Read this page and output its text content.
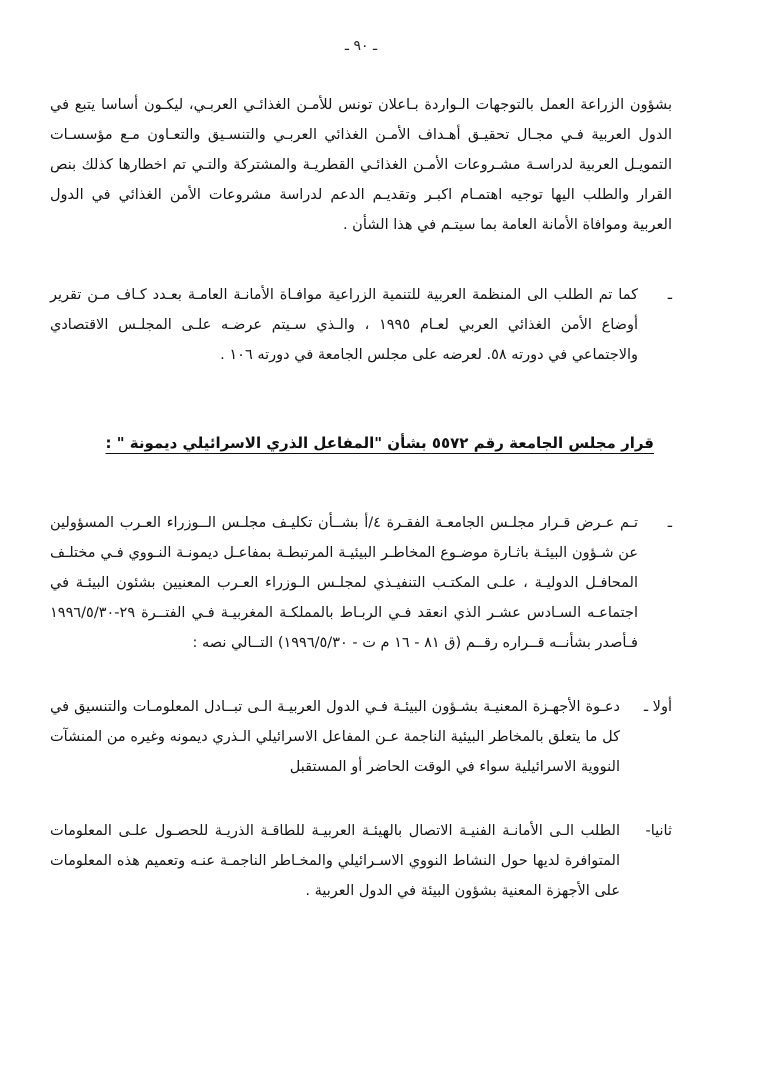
ـ ٩٠ ـ

بشؤون الزراعة العمل بالتوجهات الـواردة بـاعلان تونس للأمـن الغذائـي العربـي، ليكـون أساسا يتبع في الدول العربية فـي مجـال تحقيـق أهـداف الأمـن الغذائي العربـي والتنسـيق والتعـاون مـع مؤسسـات التمويـل العربية لدراسـة مشـروعات الأمـن الغذائـي القطريـة والمشتركة والتـي تم اخطارها كذلك بنص القرار والطلب اليها توجيه اهتمـام اكبـر وتقديـم الدعم لدراسة مشروعات الأمن الغذائي في الدول العربية وموافاة الأمانة العامة بما سيتـم في هذا الشأن .

ـ
كما تم الطلب الى المنظمة العربية للتنمية الزراعية موافـاة الأمانـة العامـة بعـدد كـاف مـن تقرير أوضاع الأمن الغذائي العربي لعـام ١٩٩٥ ، والـذي سـيتم عرضـه علـى المجلـس الاقتصادي والاجتماعي في دورته ٥٨. لعرضه على مجلس الجامعة في دورته ١٠٦ .
قرار مجلس الجامعة رقم ٥٥٧٢ بشأن "المفاعل الذري الاسرائيلي ديمونة " :
ـ
تـم عـرض قـرار مجلـس الجامعـة الفقـرة ٤/أ بشــأن تكليـف مجلـس الــوزراء العـرب المسؤولين عن شـؤون البيئـة باثـارة موضـوع المخاطـر البيئيـة المرتبطـة بمفاعـل ديمونـة النـووي فـي مختلـف المحافـل الدوليـة ، علـى المكتـب التنفيـذي لمجلـس الـوزراء العـرب المعنيين بشئون البيئـة في اجتماعـه السـادس عشـر الذي انعقد فـي الربـاط بالمملكـة المغربيـة فـي الفتــرة ٢٩-١٩٩٦/٥/٣٠ فـأصدر بشأنــه قــراره رقــم (ق ٨١ - ١٦ م ت - ١٩٩٦/٥/٣٠) التــالي نصه :
أولا ـ
دعـوة الأجهـزة المعنيـة بشـؤون البيئـة فـي الدول العربيـة الـى تبــادل المعلومـات والتنسيق في كل ما يتعلق بالمخاطر البيئية الناجمة عـن المفاعل الاسرائيلي الـذري ديمونه وغيره من المنشآت النووية الاسرائيلية سواء في الوقت الحاضر أو المستقبل
ثانيا-
الطلب الـى الأمانـة الفنيـة الاتصال بالهيئـة العربيـة للطاقـة الذريـة للحصـول علـى المعلومات المتوافرة لديها حول النشاط النووي الاسـرائيلي والمخـاطر الناجمـة عنـه وتعميم هذه المعلومات على الأجهزة المعنية بشؤون البيئة في الدول العربية .
